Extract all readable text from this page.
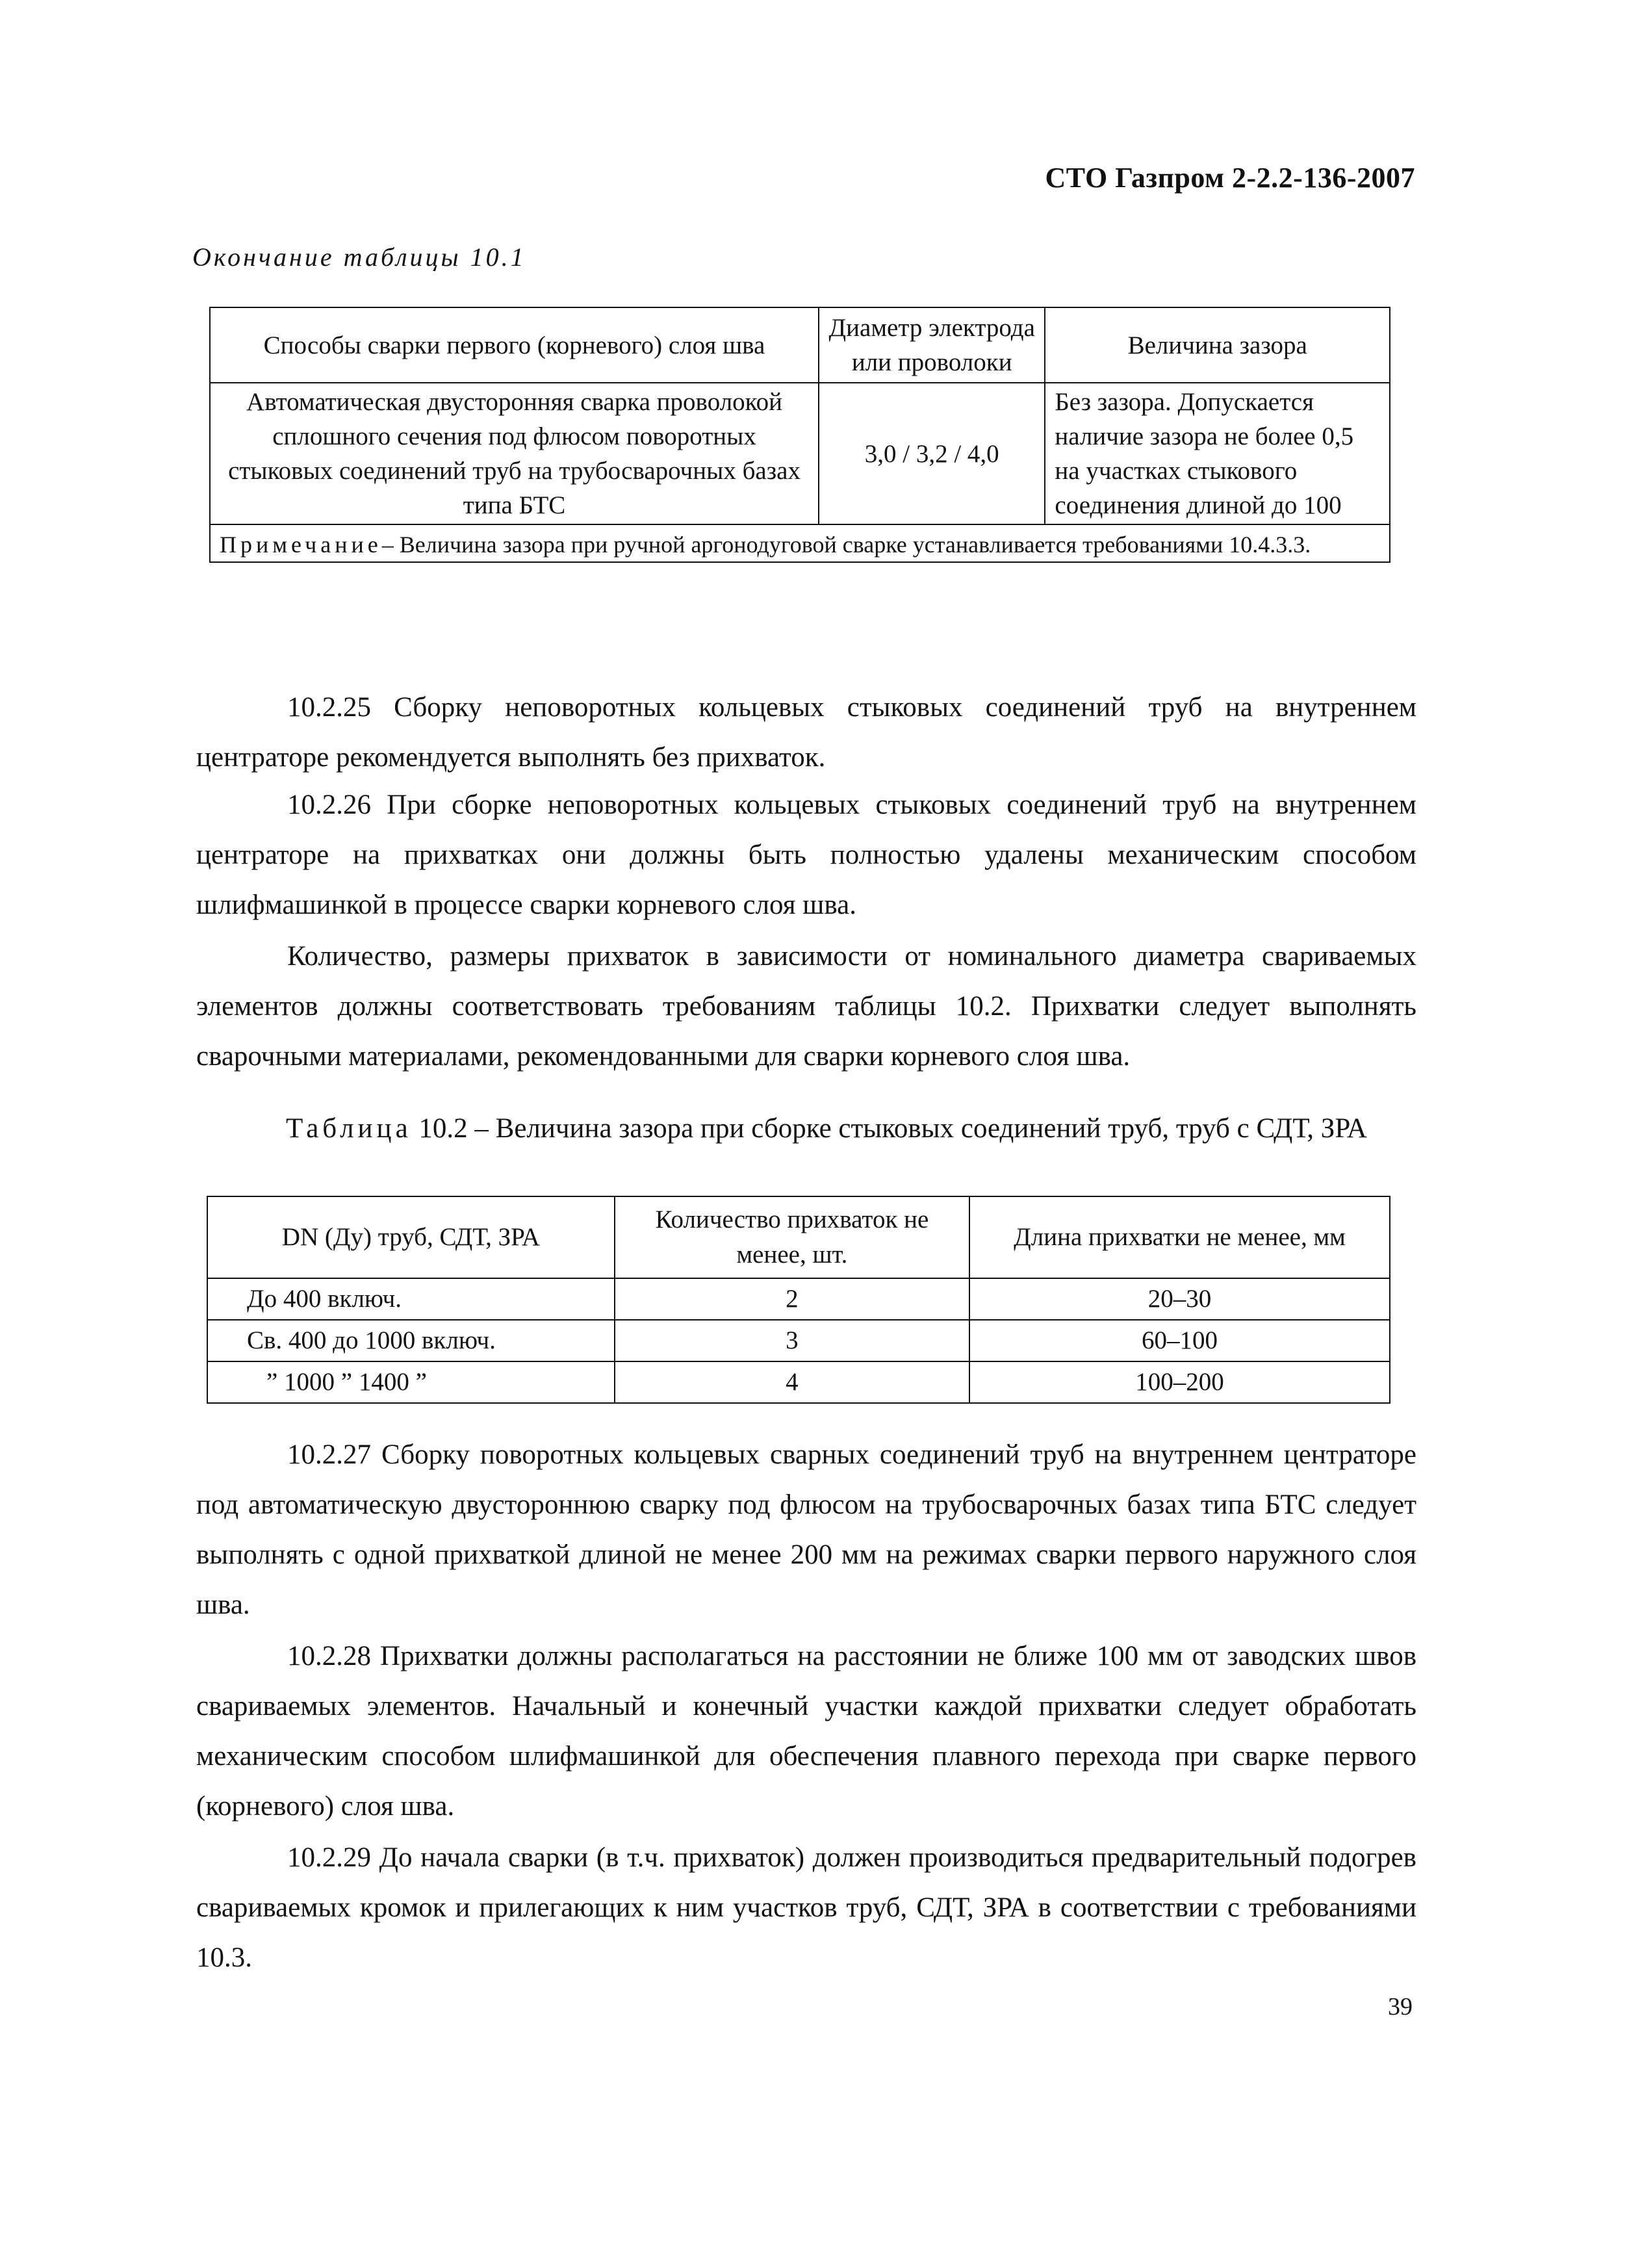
СТО Газпром 2-2.2-136-2007
Окончание таблицы 10.1
Способы сварки первого (корневого) слоя шва	Диаметр электрода или проволоки	Величина зазора
Автоматическая двусторонняя сварка проволокой сплошного сечения под флюсом поворотных стыковых соединений труб на трубосварочных базах типа БТС	3,0 / 3,2 / 4,0	Без зазора. Допускается наличие зазора не более 0,5 на участках стыкового соединения длиной до 100
Примечание– Величина зазора при ручной аргонодуговой сварке устанавливается требованиями 10.4.3.3.		
10.2.25 Сборку неповоротных кольцевых стыковых соединений труб на внутреннем центраторе рекомендуется выполнять без прихваток.
10.2.26 При сборке неповоротных кольцевых стыковых соединений труб на внутреннем центраторе на прихватках они должны быть полностью удалены механическим способом шлифмашинкой в процессе сварки корневого слоя шва.
Количество, размеры прихваток в зависимости от номинального диаметра свариваемых элементов должны соответствовать требованиям таблицы 10.2. Прихватки следует выполнять сварочными материалами, рекомендованными для сварки корневого слоя шва.
Таблица 10.2 – Величина зазора при сборке стыковых соединений труб, труб с СДТ, ЗРА
DN (Ду) труб, СДТ, ЗРА	Количество прихваток не менее, шт.	Длина прихватки не менее, мм
До 400 включ.	2	20–30
Св. 400 до 1000 включ.	3	60–100
” 1000 ” 1400 ”	4	100–200
10.2.27 Сборку поворотных кольцевых сварных соединений труб на внутреннем центраторе под автоматическую двустороннюю сварку под флюсом на трубосварочных базах типа БТС следует выполнять с одной прихваткой длиной не менее 200 мм на режимах сварки первого наружного слоя шва.
10.2.28 Прихватки должны располагаться на расстоянии не ближе 100 мм от заводских швов свариваемых элементов. Начальный и конечный участки каждой прихватки следует обработать механическим способом шлифмашинкой для обеспечения плавного перехода при сварке первого (корневого) слоя шва.
10.2.29 До начала сварки (в т.ч. прихваток) должен производиться предварительный подогрев свариваемых кромок и прилегающих к ним участков труб, СДТ, ЗРА в соответствии с требованиями 10.3.
39
